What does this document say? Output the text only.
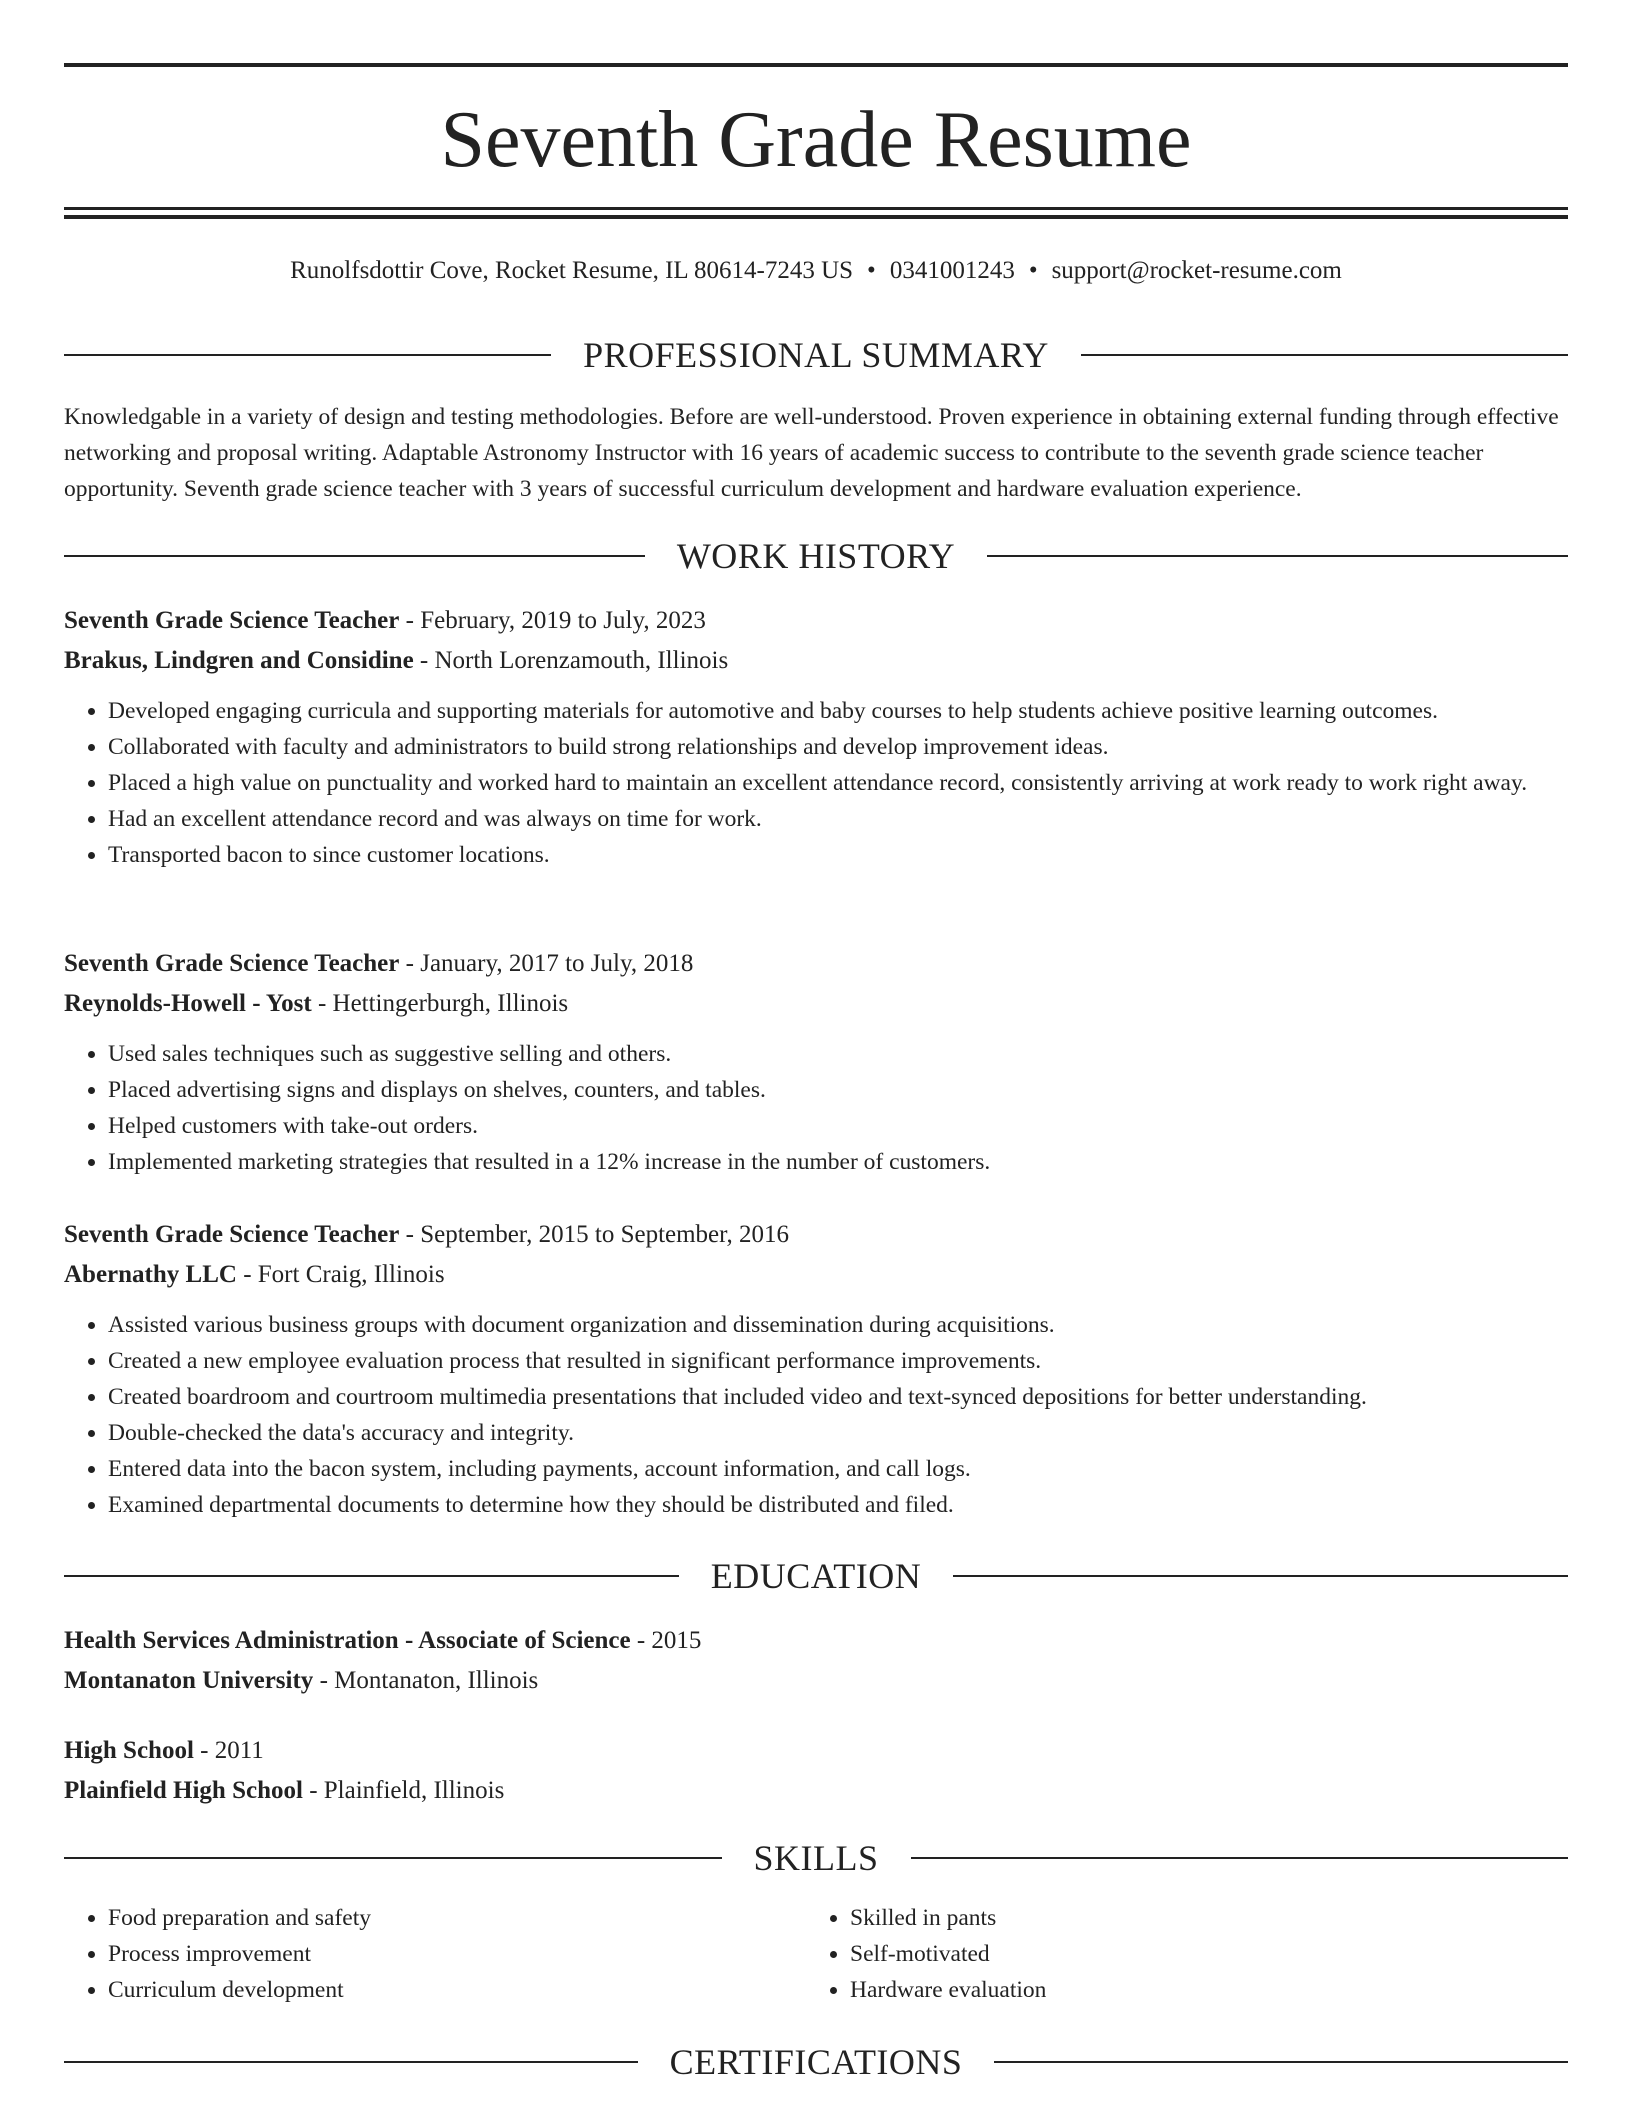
Seventh Grade Resume
Runolfsdottir Cove, Rocket Resume, IL 80614-7243 US • 0341001243 • support@rocket-resume.com
PROFESSIONAL SUMMARY

Knowledgable in a variety of design and testing methodologies. Before are well-understood. Proven experience in obtaining external funding through effective networking and proposal writing. Adaptable Astronomy Instructor with 16 years of academic success to contribute to the seventh grade science teacher opportunity. Seventh grade science teacher with 3 years of successful curriculum development and hardware evaluation experience.

WORK HISTORY

Seventh Grade Science Teacher - February, 2019 to July, 2023

Brakus, Lindgren and Considine - North Lorenzamouth, Illinois

• Developed engaging curricula and supporting materials for automotive and baby courses to help students achieve positive learning outcomes.
• Collaborated with faculty and administrators to build strong relationships and develop improvement ideas.
• Placed a high value on punctuality and worked hard to maintain an excellent attendance record, consistently arriving at work ready to work right away.
• Had an excellent attendance record and was always on time for work.
• Transported bacon to since customer locations.

Seventh Grade Science Teacher - January, 2017 to July, 2018

Reynolds-Howell - Yost - Hettingerburgh, Illinois

• Used sales techniques such as suggestive selling and others.
• Placed advertising signs and displays on shelves, counters, and tables.
• Helped customers with take-out orders.
• Implemented marketing strategies that resulted in a 12% increase in the number of customers.

Seventh Grade Science Teacher - September, 2015 to September, 2016

Abernathy LLC - Fort Craig, Illinois

• Assisted various business groups with document organization and dissemination during acquisitions.
• Created a new employee evaluation process that resulted in significant performance improvements.
• Created boardroom and courtroom multimedia presentations that included video and text-synced depositions for better understanding.
• Double-checked the data's accuracy and integrity.
• Entered data into the bacon system, including payments, account information, and call logs.
• Examined departmental documents to determine how they should be distributed and filed.
EDUCATION

Health Services Administration - Associate of Science - 2015

Montanaton University - Montanaton, Illinois

High School - 2011

Plainfield High School - Plainfield, Illinois

SKILLS
• Food preparation and safety
• Process improvement
• Curriculum development
• Skilled in pants
• Self-motivated
• Hardware evaluation
CERTIFICATIONS
